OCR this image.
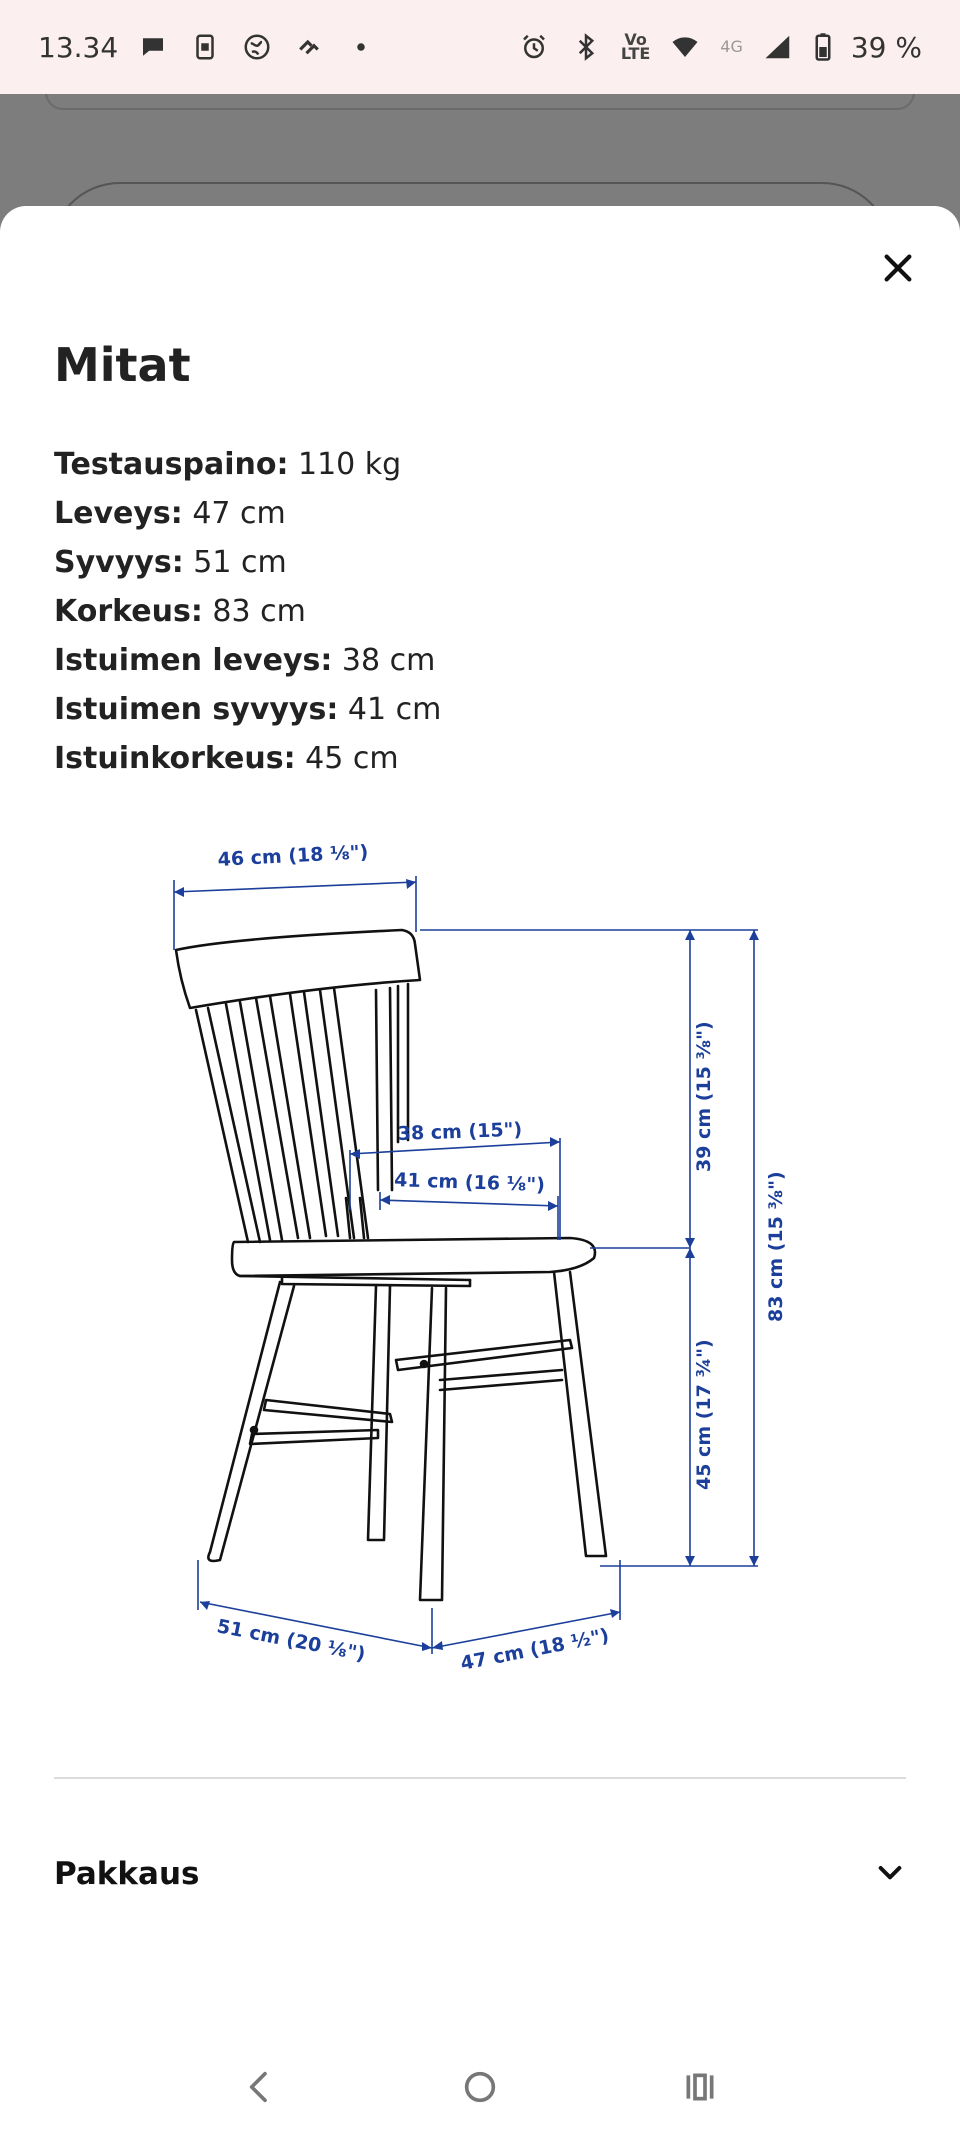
13.34	Vo
LTE	4G	39 %
Mitat
Testauspaino: 110 kg
Leveys: 47 cm
Syvyys: 51 cm
Korkeus: 83 cm
Istuimen leveys: 38 cm
Istuimen syvyys: 41 cm
Istuinkorkeus: 45 cm
46 cm (18 ⅛")
39 cm (15 ⅜")
83 cm (15 ⅜")
38 cm (15")
41 cm (16 ⅛")
45 cm (17 ¾")
51 cm (20 ⅛")	47 cm (18 ½")
Pakkaus
